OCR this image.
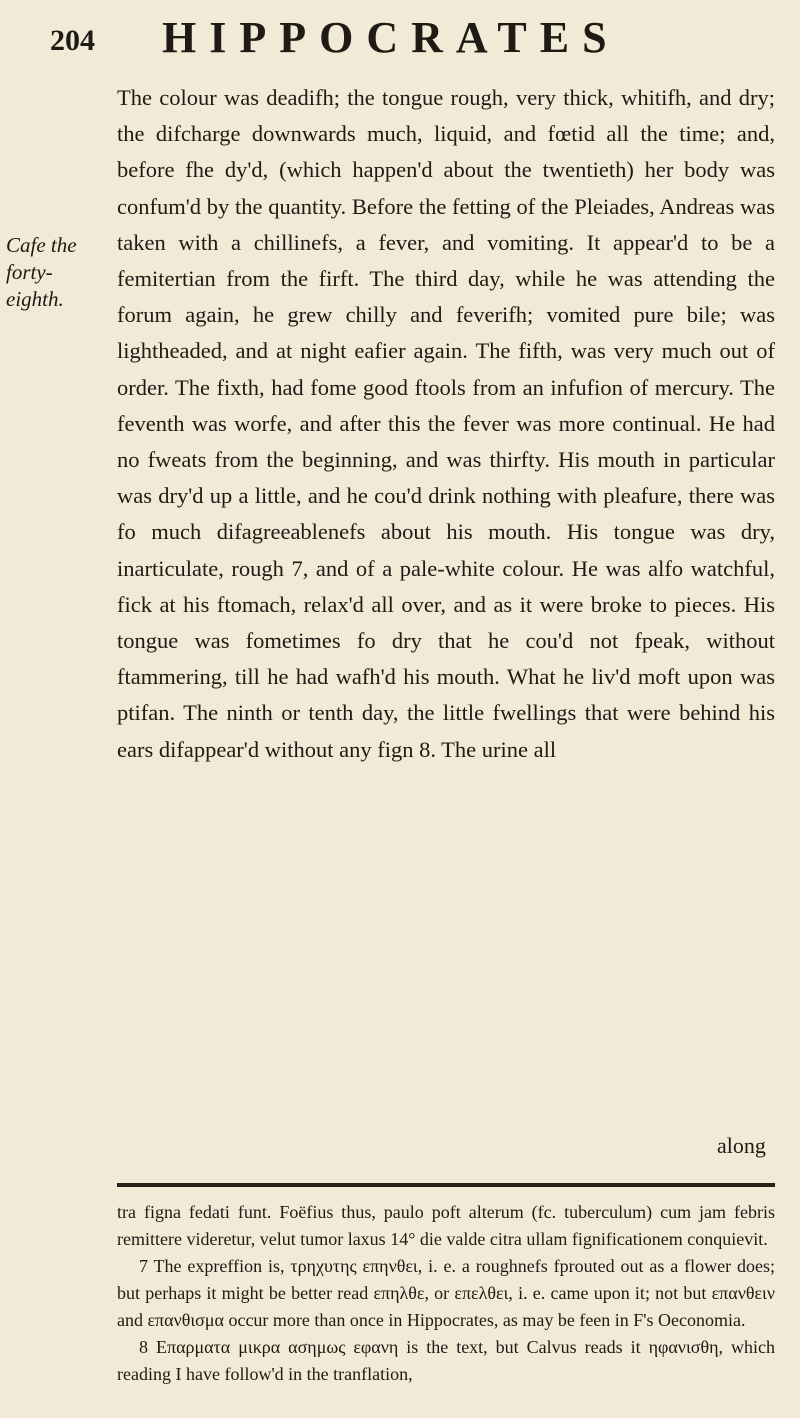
204 HIPPOCRATES
Cafe the
forty-
eighth.

The colour was deadifh; the tongue rough, very thick, whitifh, and dry; the difcharge downwards much, liquid, and fœtid all the time; and, before fhe dy'd, (which happen'd about the twentieth) her body was confum'd by the quantity. Before the fetting of the Pleiades, Andreas was taken with a chillinefs, a fever, and vomiting. It appear'd to be a femitertian from the firft. The third day, while he was attending the forum again, he grew chilly and feverifh; vomited pure bile; was lightheaded, and at night eafier again. The fifth, was very much out of order. The fixth, had fome good ftools from an infufion of mercury. The feventh was worfe, and after this the fever was more continual. He had no fweats from the beginning, and was thirfty. His mouth in particular was dry'd up a little, and he cou'd drink nothing with pleafure, there was fo much difagreeablenefs about his mouth. His tongue was dry, inarticulate, rough 7, and of a pale-white colour. He was alfo watchful, fick at his ftomach, relax'd all over, and as it were broke to pieces. His tongue was fometimes fo dry that he cou'd not fpeak, without ftammering, till he had wafh'd his mouth. What he liv'd moft upon was ptifan. The ninth or tenth day, the little fwellings that were behind his ears difappear'd without any fign 8. The urine all

along

tra figna fedati funt. Foëfius thus, paulo poft alterum (fc. tuberculum) cum jam febris remittere videretur, velut tumor laxus 14° die valde citra ullam fignificationem conquievit.

7 The expreffion is, τρηχυτης επηνθει, i. e. a roughnefs fprouted out as a flower does; but perhaps it might be better read επηλθε, or επελθει, i. e. came upon it; not but επανθειν and επανθισμα occur more than once in Hippocrates, as may be feen in F's Oeconomia.

8 Επαρματα μικρα ασημως εφανη is the text, but Calvus reads it ηφανισθη, which reading I have follow'd in the tranflation,
